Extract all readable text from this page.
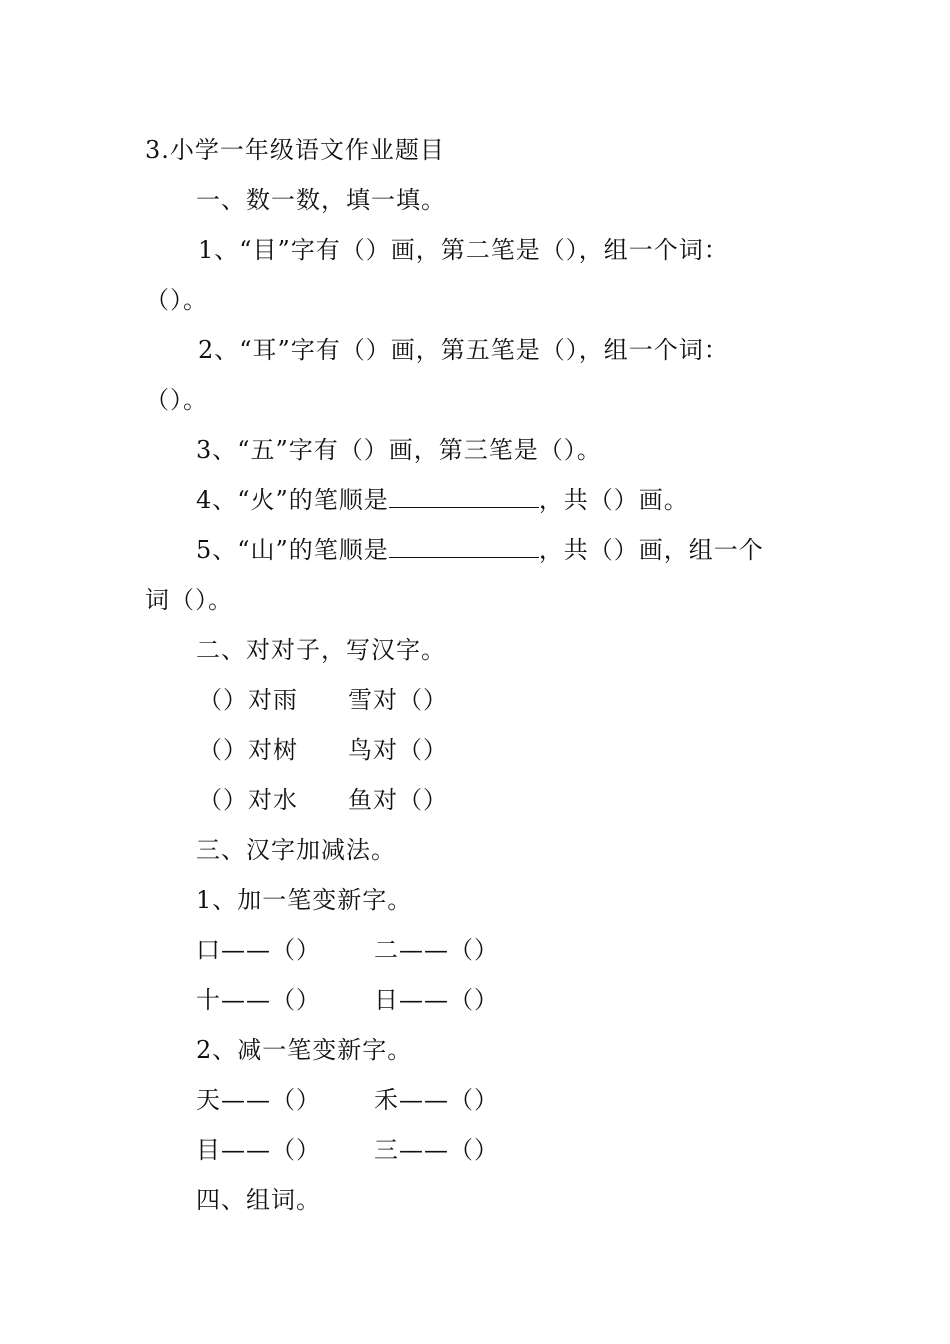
3.小学一年级语文作业题目
一、数一数，填一填。
1、“目”字有（）画，第二笔是（），组一个词：
（）。
2、“耳”字有（）画，第五笔是（），组一个词：
（）。
3、“五”字有（）画，第三笔是（）。
4、“火”的笔顺是	，共（）画。
5、“山”的笔顺是	，共（）画，组一个
词（）。
二、对对子，写汉字。
（）对雨 雪对（）
（）对树 鸟对（）
（）对水 鱼对（）
三、汉字加减法。
1、加一笔变新字。
口——（） 二——（）
十——（） 日——（）
2、减一笔变新字。
天——（） 禾——（）
目——（） 三——（）
四、组词。
